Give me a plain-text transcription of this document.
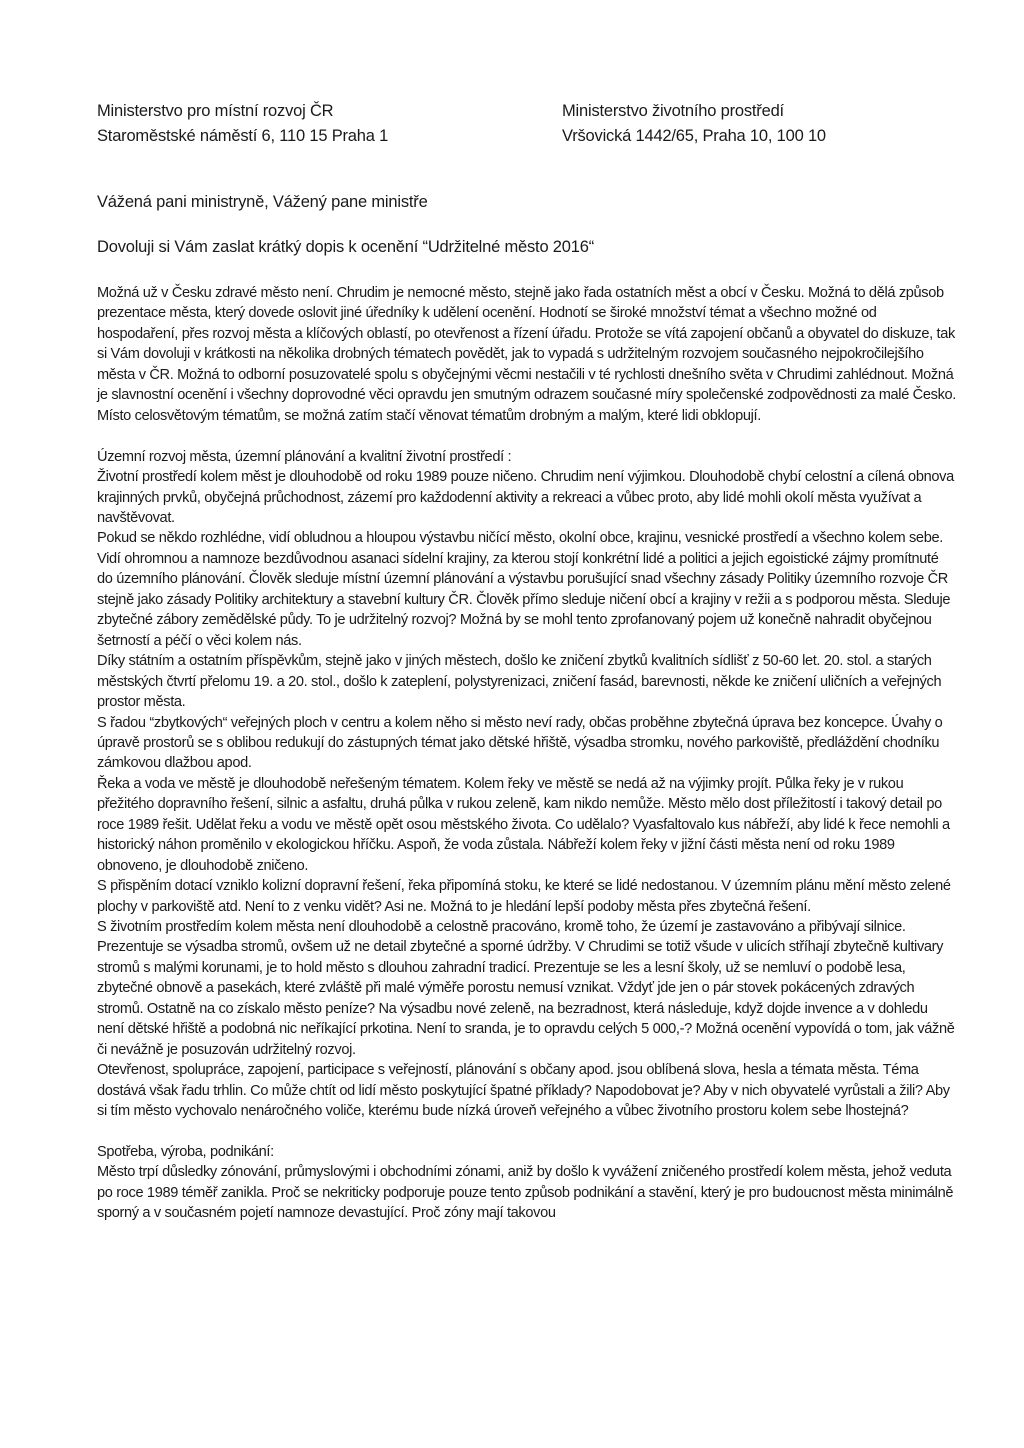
Ministerstvo pro místní rozvoj ČR
Staroměstské náměstí 6, 110 15 Praha 1
Ministerstvo životního prostředí
Vršovická 1442/65, Praha 10, 100 10
Vážená pani ministryně, Vážený pane ministře
Dovoluji si Vám zaslat krátký dopis k ocenění “Udržitelné město 2016“

Možná už v Česku zdravé město není. Chrudim je nemocné město, stejně jako řada ostatních měst a obcí v Česku. Možná to dělá způsob prezentace města, který dovede oslovit jiné úředníky k udělení ocenění. Hodnotí se široké množství témat a všechno možné od hospodaření, přes rozvoj města a klíčových oblastí, po otevřenost a řízení úřadu. Protože se vítá zapojení občanů a obyvatel do diskuze, tak si Vám dovoluji v krátkosti na několika drobných tématech povědět, jak to vypadá s udržitelným rozvojem současného nejpokročilejšího města v ČR. Možná to odborní posuzovatelé spolu s obyčejnými věcmi nestačili v té rychlosti dnešního světa v Chrudimi zahlédnout. Možná je slavnostní ocenění i všechny doprovodné věci opravdu jen smutným odrazem současné míry společenské zodpovědnosti za malé Česko. Místo celosvětovým tématům, se možná zatím stačí věnovat tématům drobným a malým, které lidi obklopují.

Územní rozvoj města, územní plánování a kvalitní životní prostředí :

Životní prostředí kolem měst je dlouhodobě od roku 1989 pouze ničeno. Chrudim není výjimkou. Dlouhodobě chybí celostní a cílená obnova krajinných prvků, obyčejná průchodnost, zázemí pro každodenní aktivity a rekreaci a vůbec proto, aby lidé mohli okolí města využívat a navštěvovat.

Pokud se někdo rozhlédne, vidí obludnou a hloupou výstavbu ničící město, okolní obce, krajinu, vesnické prostředí a všechno kolem sebe. Vidí ohromnou a namnoze bezdůvodnou asanaci sídelní krajiny, za kterou stojí konkrétní lidé a politici a jejich egoistické zájmy promítnuté do územního plánování. Člověk sleduje místní územní plánování a výstavbu porušující snad všechny zásady Politiky územního rozvoje ČR stejně jako zásady Politiky architektury a stavební kultury ČR. Člověk přímo sleduje ničení obcí a krajiny v režii a s podporou města. Sleduje zbytečné zábory zemědělské půdy. To je udržitelný rozvoj? Možná by se mohl tento zprofanovaný pojem už konečně nahradit obyčejnou šetrností a péčí o věci kolem nás.

Díky státním a ostatním příspěvkům, stejně jako v jiných městech, došlo ke zničení zbytků kvalitních sídlišť z 50-60 let. 20. stol. a starých městských čtvrtí přelomu 19. a 20. stol., došlo k zateplení, polystyrenizaci, zničení fasád, barevnosti, někde ke zničení uličních a veřejných prostor města.

S řadou “zbytkových“ veřejných ploch v centru a kolem něho si město neví rady, občas proběhne zbytečná úprava bez koncepce. Úvahy o úpravě prostorů se s oblibou redukují do zástupných témat jako dětské hřiště, výsadba stromku, nového parkoviště, předláždění chodníku zámkovou dlažbou apod.

Řeka a voda ve městě je dlouhodobě neřešeným tématem. Kolem řeky ve městě se nedá až na výjimky projít. Půlka řeky je v rukou přežitého dopravního řešení, silnic a asfaltu, druhá půlka v rukou zeleně, kam nikdo nemůže. Město mělo dost příležitostí i takový detail po roce 1989 řešit. Udělat řeku a vodu ve městě opět osou městského života. Co udělalo? Vyasfaltovalo kus nábřeží, aby lidé k řece nemohli a historický náhon proměnilo v ekologickou hříčku. Aspoň, že voda zůstala. Nábřeží kolem řeky v jižní části města není od roku 1989 obnoveno, je dlouhodobě zničeno.

S přispěním dotací vzniklo kolizní dopravní řešení, řeka připomíná stoku, ke které se lidé nedostanou. V územním plánu mění město zelené plochy v parkoviště atd. Není to z venku vidět? Asi ne. Možná to je hledání lepší podoby města přes zbytečná řešení.

S životním prostředím kolem města není dlouhodobě a celostně pracováno, kromě toho, že území je zastavováno a přibývají silnice. Prezentuje se výsadba stromů, ovšem už ne detail zbytečné a sporné údržby. V Chrudimi se totiž všude v ulicích stříhají zbytečně kultivary stromů s malými korunami, je to hold město s dlouhou zahradní tradicí. Prezentuje se les a lesní školy, už se nemluví o podobě lesa, zbytečné obnově a pasekách, které zvláště při malé výměře porostu nemusí vznikat. Vždyť jde jen o pár stovek pokácených zdravých stromů. Ostatně na co získalo město peníze? Na výsadbu nové zeleně, na bezradnost, která následuje, když dojde invence a v dohledu není dětské hřiště a podobná nic neříkající prkotina. Není to sranda, je to opravdu celých 5 000,-? Možná ocenění vypovídá o tom, jak vážně či nevážně je posuzován udržitelný rozvoj.

Otevřenost, spolupráce, zapojení, participace s veřejností, plánování s občany apod. jsou oblíbená slova, hesla a témata města. Téma dostává však řadu trhlin. Co může chtít od lidí město poskytující špatné příklady? Napodobovat je? Aby v nich obyvatelé vyrůstali a žili? Aby si tím město vychovalo nenáročného voliče, kterému bude nízká úroveň veřejného a vůbec životního prostoru kolem sebe lhostejná?

Spotřeba, výroba, podnikání:

Město trpí důsledky zónování, průmyslovými i obchodními zónami, aniž by došlo k vyvážení zničeného prostředí kolem města, jehož veduta po roce 1989 téměř zanikla. Proč se nekriticky podporuje pouze tento způsob podnikání a stavění, který je pro budoucnost města minimálně sporný a v současném pojetí namnoze devastující. Proč zóny mají takovou
